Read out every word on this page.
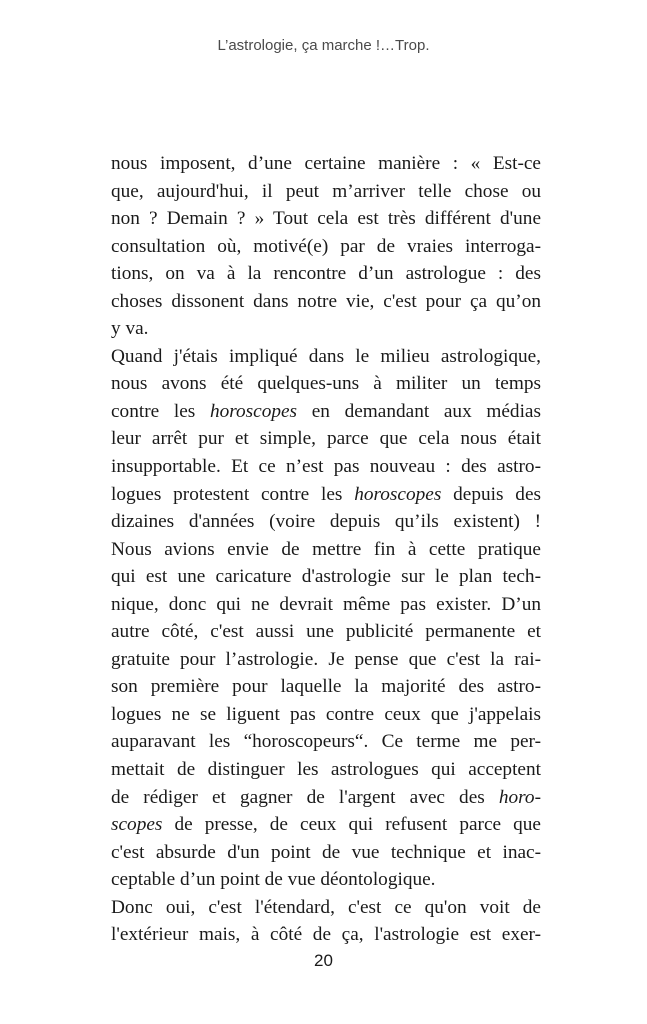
L’astrologie, ça marche !…Trop.
nous imposent, d’une certaine manière : « Est-ce
que, aujourd'hui, il peut m’arriver telle chose ou
non ? Demain ? » Tout cela est très différent d'une
consultation où, motivé(e) par de vraies interroga-
tions, on va à la rencontre d’un astrologue : des
choses dissonent dans notre vie, c'est pour ça qu’on
y va.
Quand j'étais impliqué dans le milieu astrologique,
nous avons été quelques-uns à militer un temps
contre les horoscopes en demandant aux médias
leur arrêt pur et simple, parce que cela nous était
insupportable. Et ce n’est pas nouveau : des astro-
logues protestent contre les horoscopes depuis des
dizaines d'années (voire depuis qu’ils existent) !
Nous avions envie de mettre fin à cette pratique
qui est une caricature d'astrologie sur le plan tech-
nique, donc qui ne devrait même pas exister. D’un
autre côté, c'est aussi une publicité permanente et
gratuite pour l’astrologie. Je pense que c'est la rai-
son première pour laquelle la majorité des astro-
logues ne se liguent pas contre ceux que j'appelais
auparavant les “horoscopeurs“. Ce terme me per-
mettait de distinguer les astrologues qui acceptent
de rédiger et gagner de l'argent avec des horo-
scopes de presse, de ceux qui refusent parce que
c'est absurde d'un point de vue technique et inac-
ceptable d’un point de vue déontologique.
Donc oui, c'est l'étendard, c'est ce qu'on voit de
l'extérieur mais, à côté de ça, l'astrologie est exer-
20
